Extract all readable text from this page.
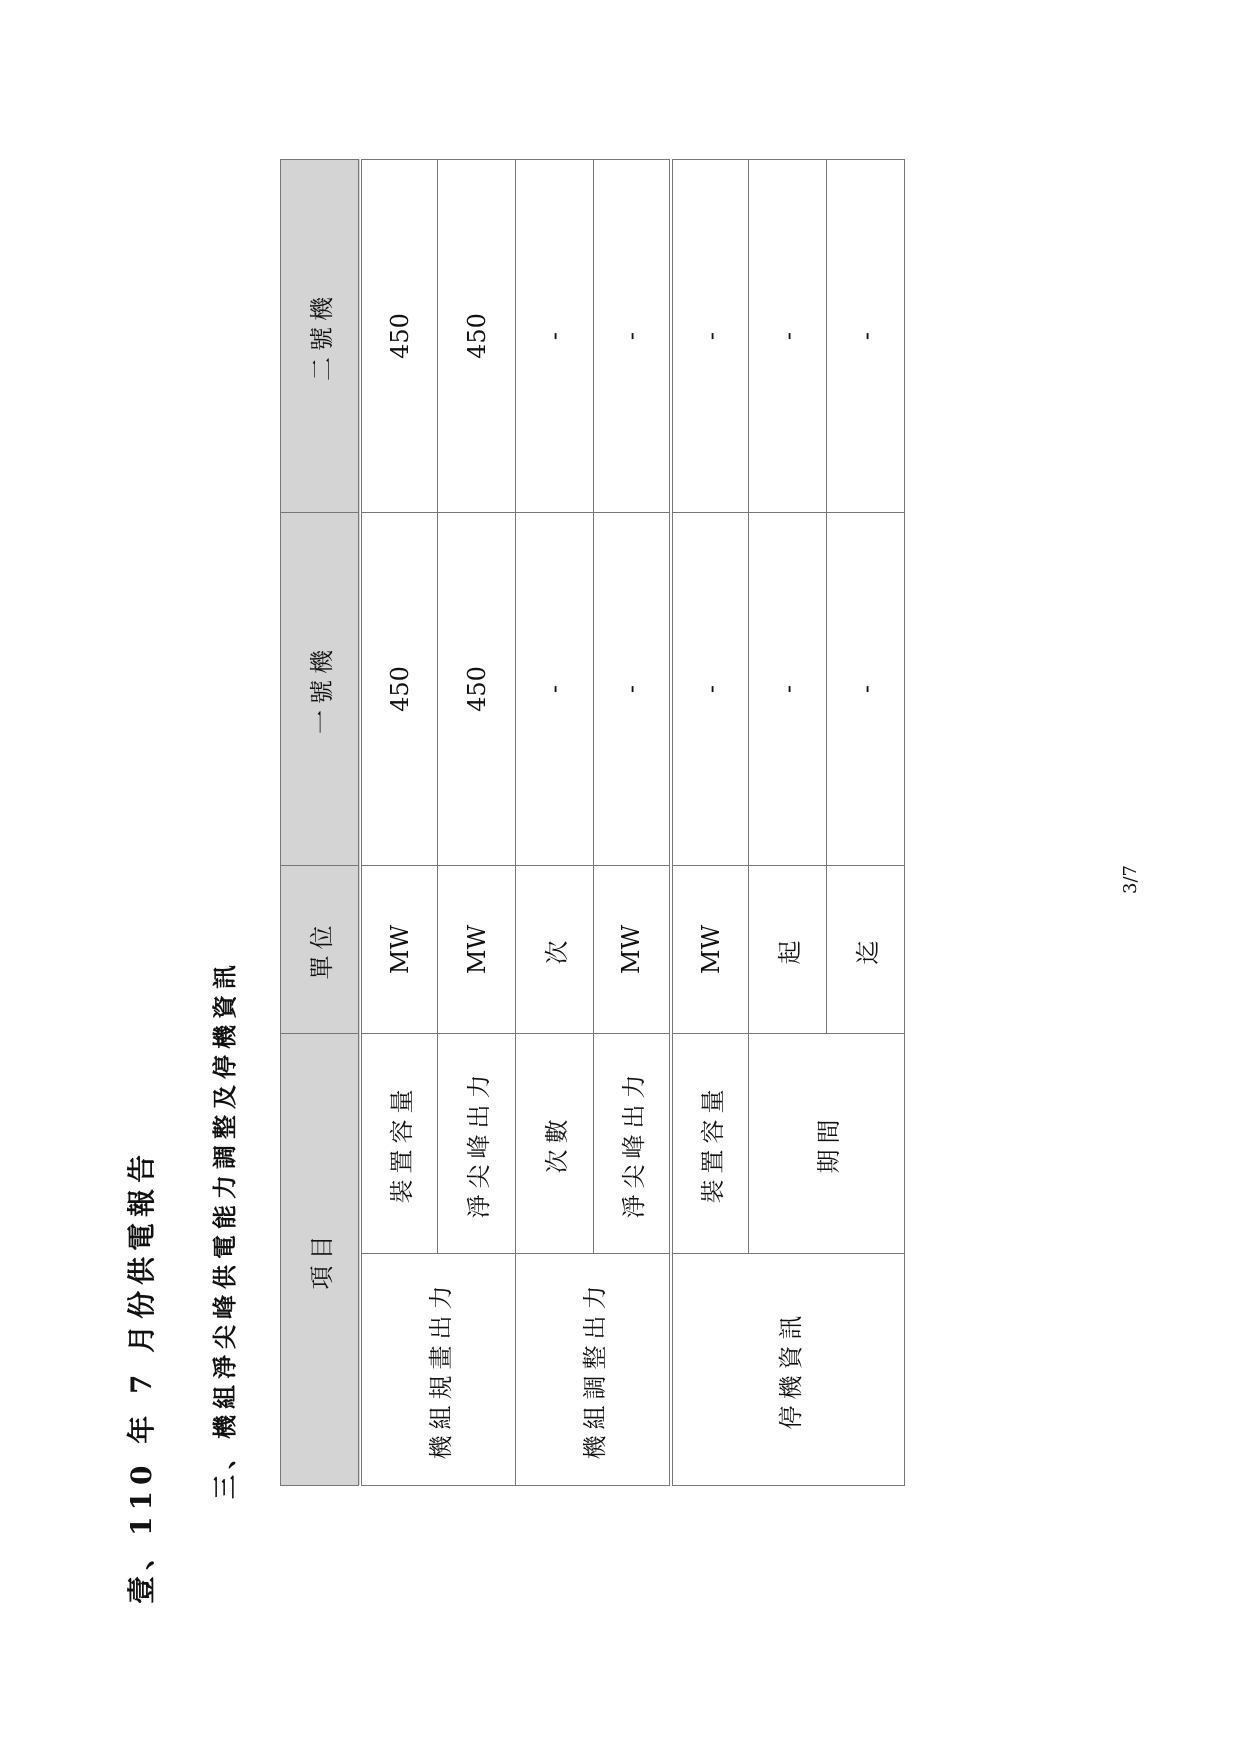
壹、110 年 7 月份供電報告 三、機組淨尖峰供電能力調整及停機資訊	項目		單位	一號機	二號機
機組規畫出力	裝置容量	MW	450	450
	淨尖峰出力	MW	450	450
機組調整出力	次數	次	-	-
	淨尖峰出力	MW	-	-
停機資訊	裝置容量	MW	-	-
	期間	起	-	-
		迄	-	-
3/7
